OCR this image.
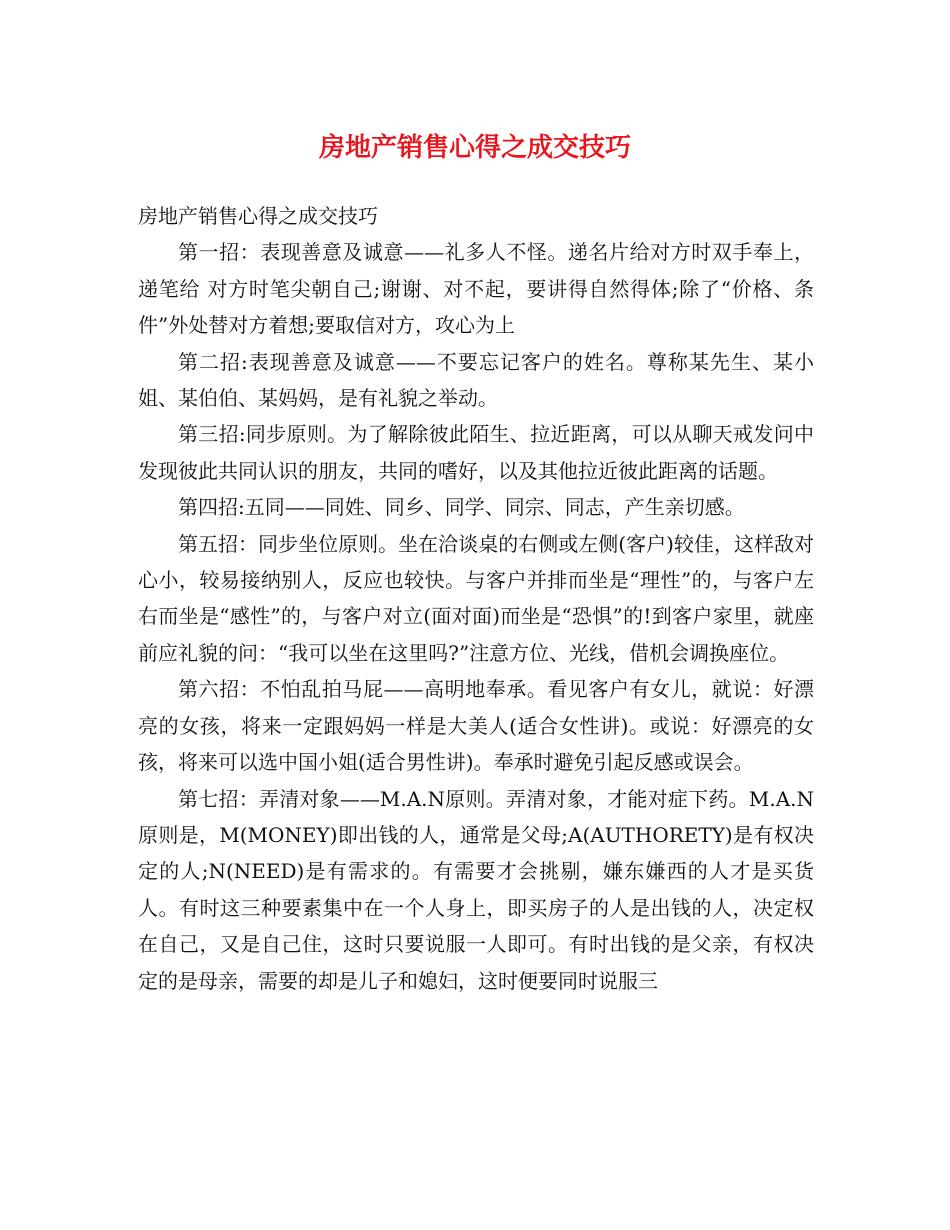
房地产销售心得之成交技巧

房地产销售心得之成交技巧

第一招：表现善意及诚意——礼多人不怪。递名片给对方时双手奉上，递笔给 对方时笔尖朝自己;谢谢、对不起，要讲得自然得体;除了“价格、条件”外处替对方着想;要取信对方，攻心为上

第二招:表现善意及诚意——不要忘记客户的姓名。尊称某先生、某小姐、某伯伯、某妈妈，是有礼貌之举动。

第三招:同步原则。为了解除彼此陌生、拉近距离，可以从聊天戒发问中发现彼此共同认识的朋友，共同的嗜好，以及其他拉近彼此距离的话题。

第四招:五同——同姓、同乡、同学、同宗、同志，产生亲切感。

第五招：同步坐位原则。坐在洽谈桌的右侧或左侧(客户)较佳，这样敌对心小，较易接纳别人，反应也较快。与客户并排而坐是“理性”的，与客户左右而坐是“感性”的，与客户对立(面对面)而坐是“恐惧”的!到客户家里，就座前应礼貌的问：“我可以坐在这里吗?”注意方位、光线，借机会调换座位。

第六招：不怕乱拍马屁——高明地奉承。看见客户有女儿，就说：好漂亮的女孩，将来一定跟妈妈一样是大美人(适合女性讲)。或说：好漂亮的女孩，将来可以选中国小姐(适合男性讲)。奉承时避免引起反感或误会。

第七招：弄清对象——M.A.N原则。弄清对象，才能对症下药。M.A.N原则是，M(MONEY)即出钱的人，通常是父母;A(AUTHORETY)是有权决定的人;N(NEED)是有需求的。有需要才会挑剔，嫌东嫌西的人才是买货人。有时这三种要素集中在一个人身上，即买房子的人是出钱的人，决定权在自己，又是自己住，这时只要说服一人即可。有时出钱的是父亲，有权决定的是母亲，需要的却是儿子和媳妇，这时便要同时说服三
